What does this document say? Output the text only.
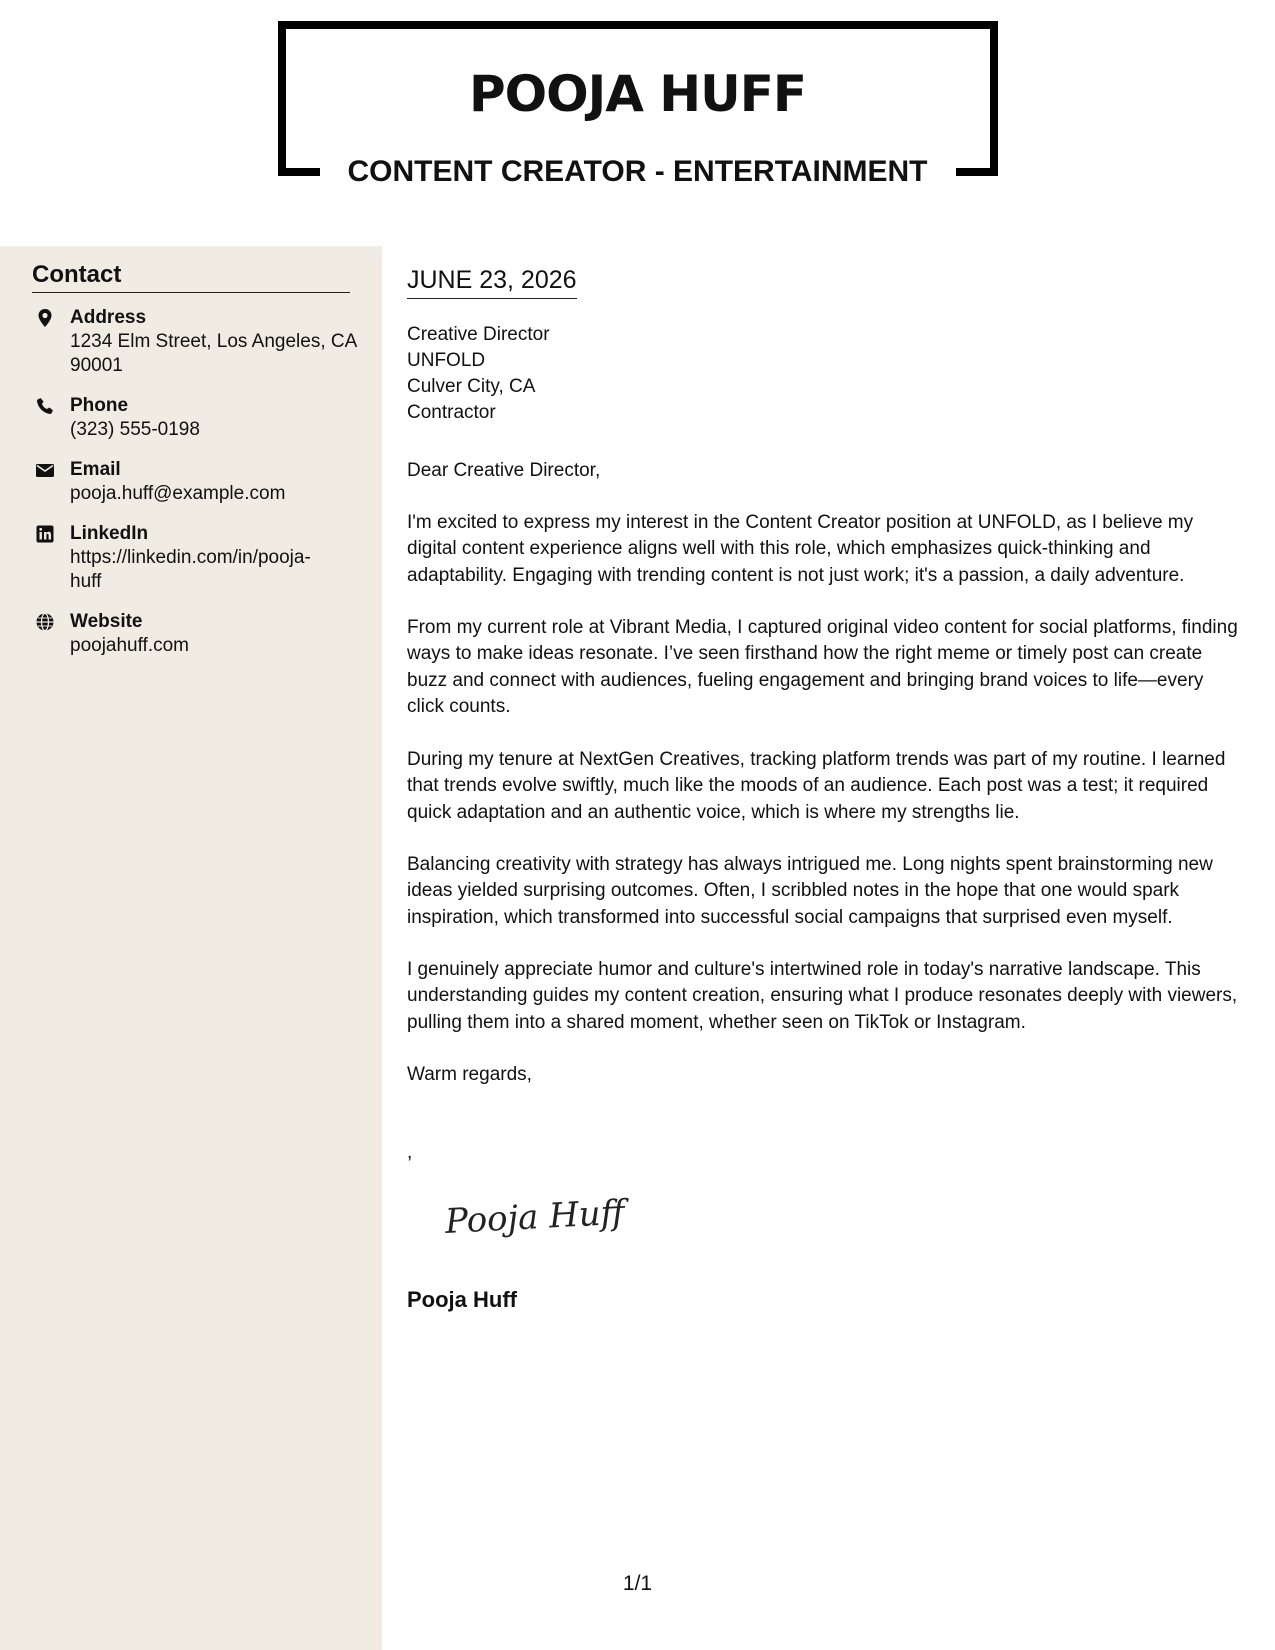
POOJA HUFF
CONTENT CREATOR - ENTERTAINMENT
Contact
Address
1234 Elm Street, Los Angeles, CA 90001
Phone
(323) 555-0198
Email
pooja.huff@example.com
LinkedIn
https://linkedin.com/in/pooja-huff
Website
poojahuff.com
JUNE 23, 2026
Creative Director
UNFOLD
Culver City, CA
Contractor
Dear Creative Director,

I'm excited to express my interest in the Content Creator position at UNFOLD, as I believe my digital content experience aligns well with this role, which emphasizes quick-thinking and adaptability. Engaging with trending content is not just work; it's a passion, a daily adventure.

From my current role at Vibrant Media, I captured original video content for social platforms, finding ways to make ideas resonate. I’ve seen firsthand how the right meme or timely post can create buzz and connect with audiences, fueling engagement and bringing brand voices to life—every click counts.

During my tenure at NextGen Creatives, tracking platform trends was part of my routine. I learned that trends evolve swiftly, much like the moods of an audience. Each post was a test; it required quick adaptation and an authentic voice, which is where my strengths lie.

Balancing creativity with strategy has always intrigued me. Long nights spent brainstorming new ideas yielded surprising outcomes. Often, I scribbled notes in the hope that one would spark inspiration, which transformed into successful social campaigns that surprised even myself.

I genuinely appreciate humor and culture's intertwined role in today's narrative landscape. This understanding guides my content creation, ensuring what I produce resonates deeply with viewers, pulling them into a shared moment, whether seen on TikTok or Instagram.

Warm regards,
,
Pooja Huff
Pooja Huff
1/1
